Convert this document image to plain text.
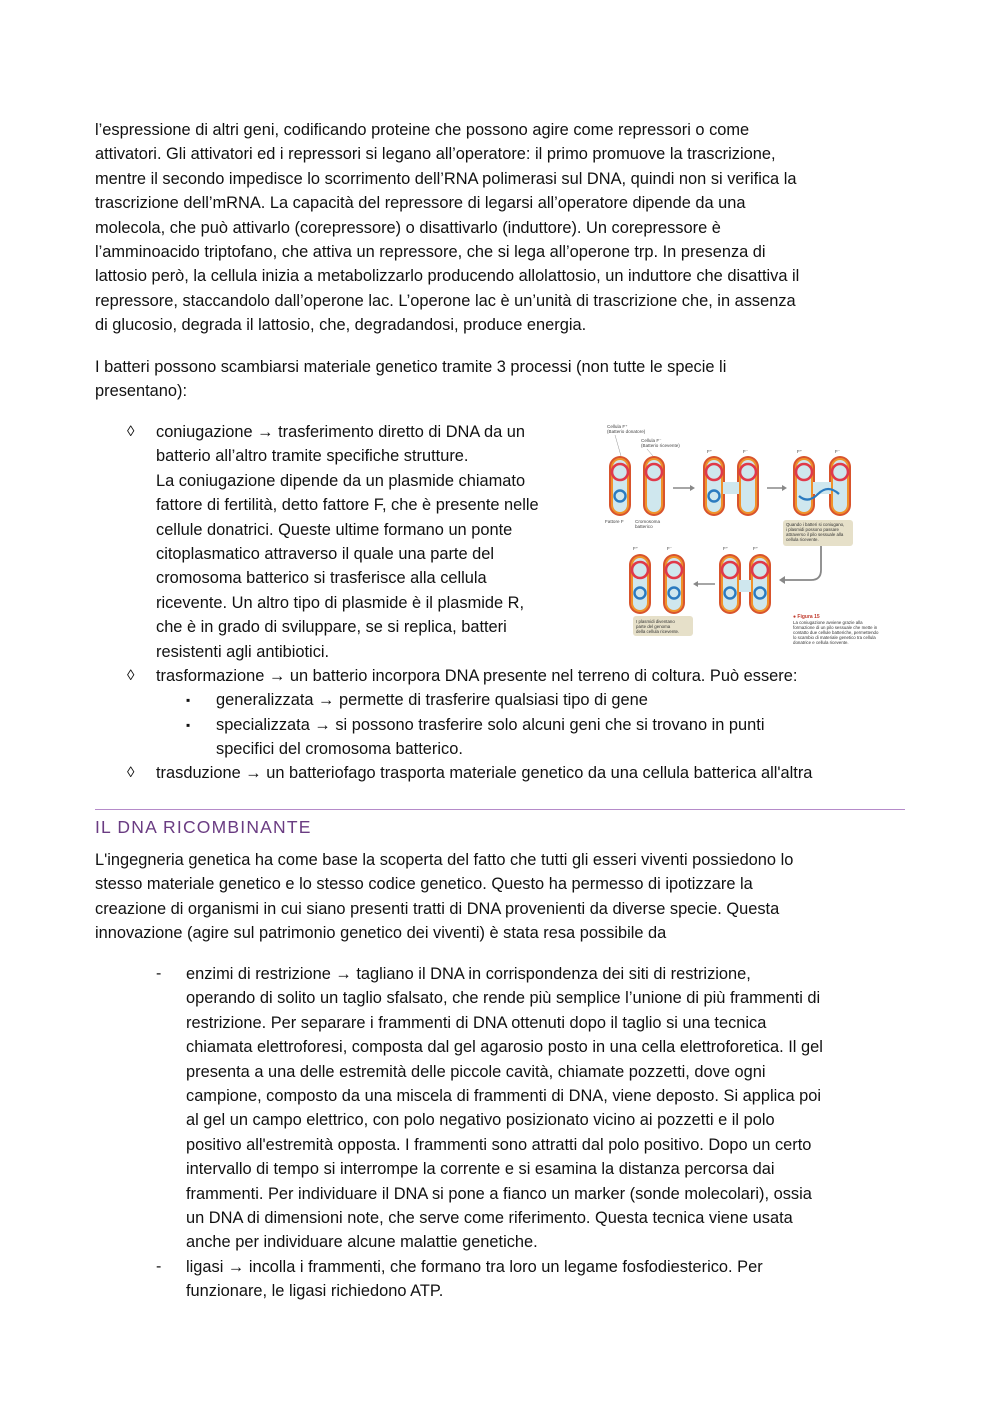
l’espressione di altri geni, codificando proteine che possono agire come repressori o come
attivatori. Gli attivatori ed i repressori si legano all’operatore: il primo promuove la trascrizione,
mentre il secondo impedisce lo scorrimento dell’RNA polimerasi sul DNA, quindi non si verifica la
trascrizione dell’mRNA. La capacità del repressore di legarsi all’operatore dipende da una
molecola, che può attivarlo (corepressore) o disattivarlo (induttore). Un corepressore è
l’amminoacido triptofano, che attiva un repressore, che si lega all’operone trp. In presenza di
lattosio però, la cellula inizia a metabolizzarlo producendo allolattosio, un induttore che disattiva il
repressore, staccandolo dall’operone lac. L’operone lac è un’unità di trascrizione che, in assenza
di glucosio, degrada il lattosio, che, degradandosi, produce energia.

I batteri possono scambiarsi materiale genetico tramite 3 processi (non tutte le specie li
presentano):

◊ coniugazione → trasferimento diretto di DNA da un
batterio all’altro tramite specifiche strutture.
La coniugazione dipende da un plasmide chiamato
fattore di fertilità, detto fattore F, che è presente nelle
cellule donatrici. Queste ultime formano un ponte
citoplasmatico attraverso il quale una parte del
cromosoma batterico si trasferisce alla cellula
ricevente. Un altro tipo di plasmide è il plasmide R,
che è in grado di sviluppare, se si replica, batteri
resistenti agli antibiotici.

Cellula F⁺
(Batterio donatore)
Cellula F⁻
(Batterio ricevente)
Fattore F Cromosoma
batterico
F⁺	F⁻	F⁺	F⁻
Quando i batteri si coniugano,
i plasmidi possono passare
attraverso il pilo sessuale alla
cellula ricevente.
F⁺	F⁺
F⁺	F⁻
I plasmidi diventano
parte del genoma
della cellula ricevente.
● Figura 15
La coniugazione avviene grazie alla
formazione di un pilo sessuale che mette in
contatto due cellule batteriche, permettendo
lo scambio di materiale genetico tra cellula
donatrice e cellula ricevente.
◊ trasformazione → un batterio incorpora DNA presente nel terreno di coltura. Può essere:

▪ generalizzata → permette di trasferire qualsiasi tipo di gene

▪ specializzata → si possono trasferire solo alcuni geni che si trovano in punti
specifici del cromosoma batterico.

◊ trasduzione → un batteriofago trasporta materiale genetico da una cellula batterica all'altra

IL DNA RICOMBINANTE

L'ingegneria genetica ha come base la scoperta del fatto che tutti gli esseri viventi possiedono lo
stesso materiale genetico e lo stesso codice genetico. Questo ha permesso di ipotizzare la
creazione di organismi in cui siano presenti tratti di DNA provenienti da diverse specie. Questa
innovazione (agire sul patrimonio genetico dei viventi) è stata resa possibile da

- enzimi di restrizione → tagliano il DNA in corrispondenza dei siti di restrizione,
operando di solito un taglio sfalsato, che rende più semplice l’unione di più frammenti di
restrizione. Per separare i frammenti di DNA ottenuti dopo il taglio si una tecnica
chiamata elettroforesi, composta dal gel agarosio posto in una cella elettroforetica. Il gel
presenta a una delle estremità delle piccole cavità, chiamate pozzetti, dove ogni
campione, composto da una miscela di frammenti di DNA, viene deposto. Si applica poi
al gel un campo elettrico, con polo negativo posizionato vicino ai pozzetti e il polo
positivo all'estremità opposta. I frammenti sono attratti dal polo positivo. Dopo un certo
intervallo di tempo si interrompe la corrente e si esamina la distanza percorsa dai
frammenti. Per individuare il DNA si pone a fianco un marker (sonde molecolari), ossia
un DNA di dimensioni note, che serve come riferimento. Questa tecnica viene usata
anche per individuare alcune malattie genetiche.

- ligasi → incolla i frammenti, che formano tra loro un legame fosfodiesterico. Per
funzionare, le ligasi richiedono ATP.
